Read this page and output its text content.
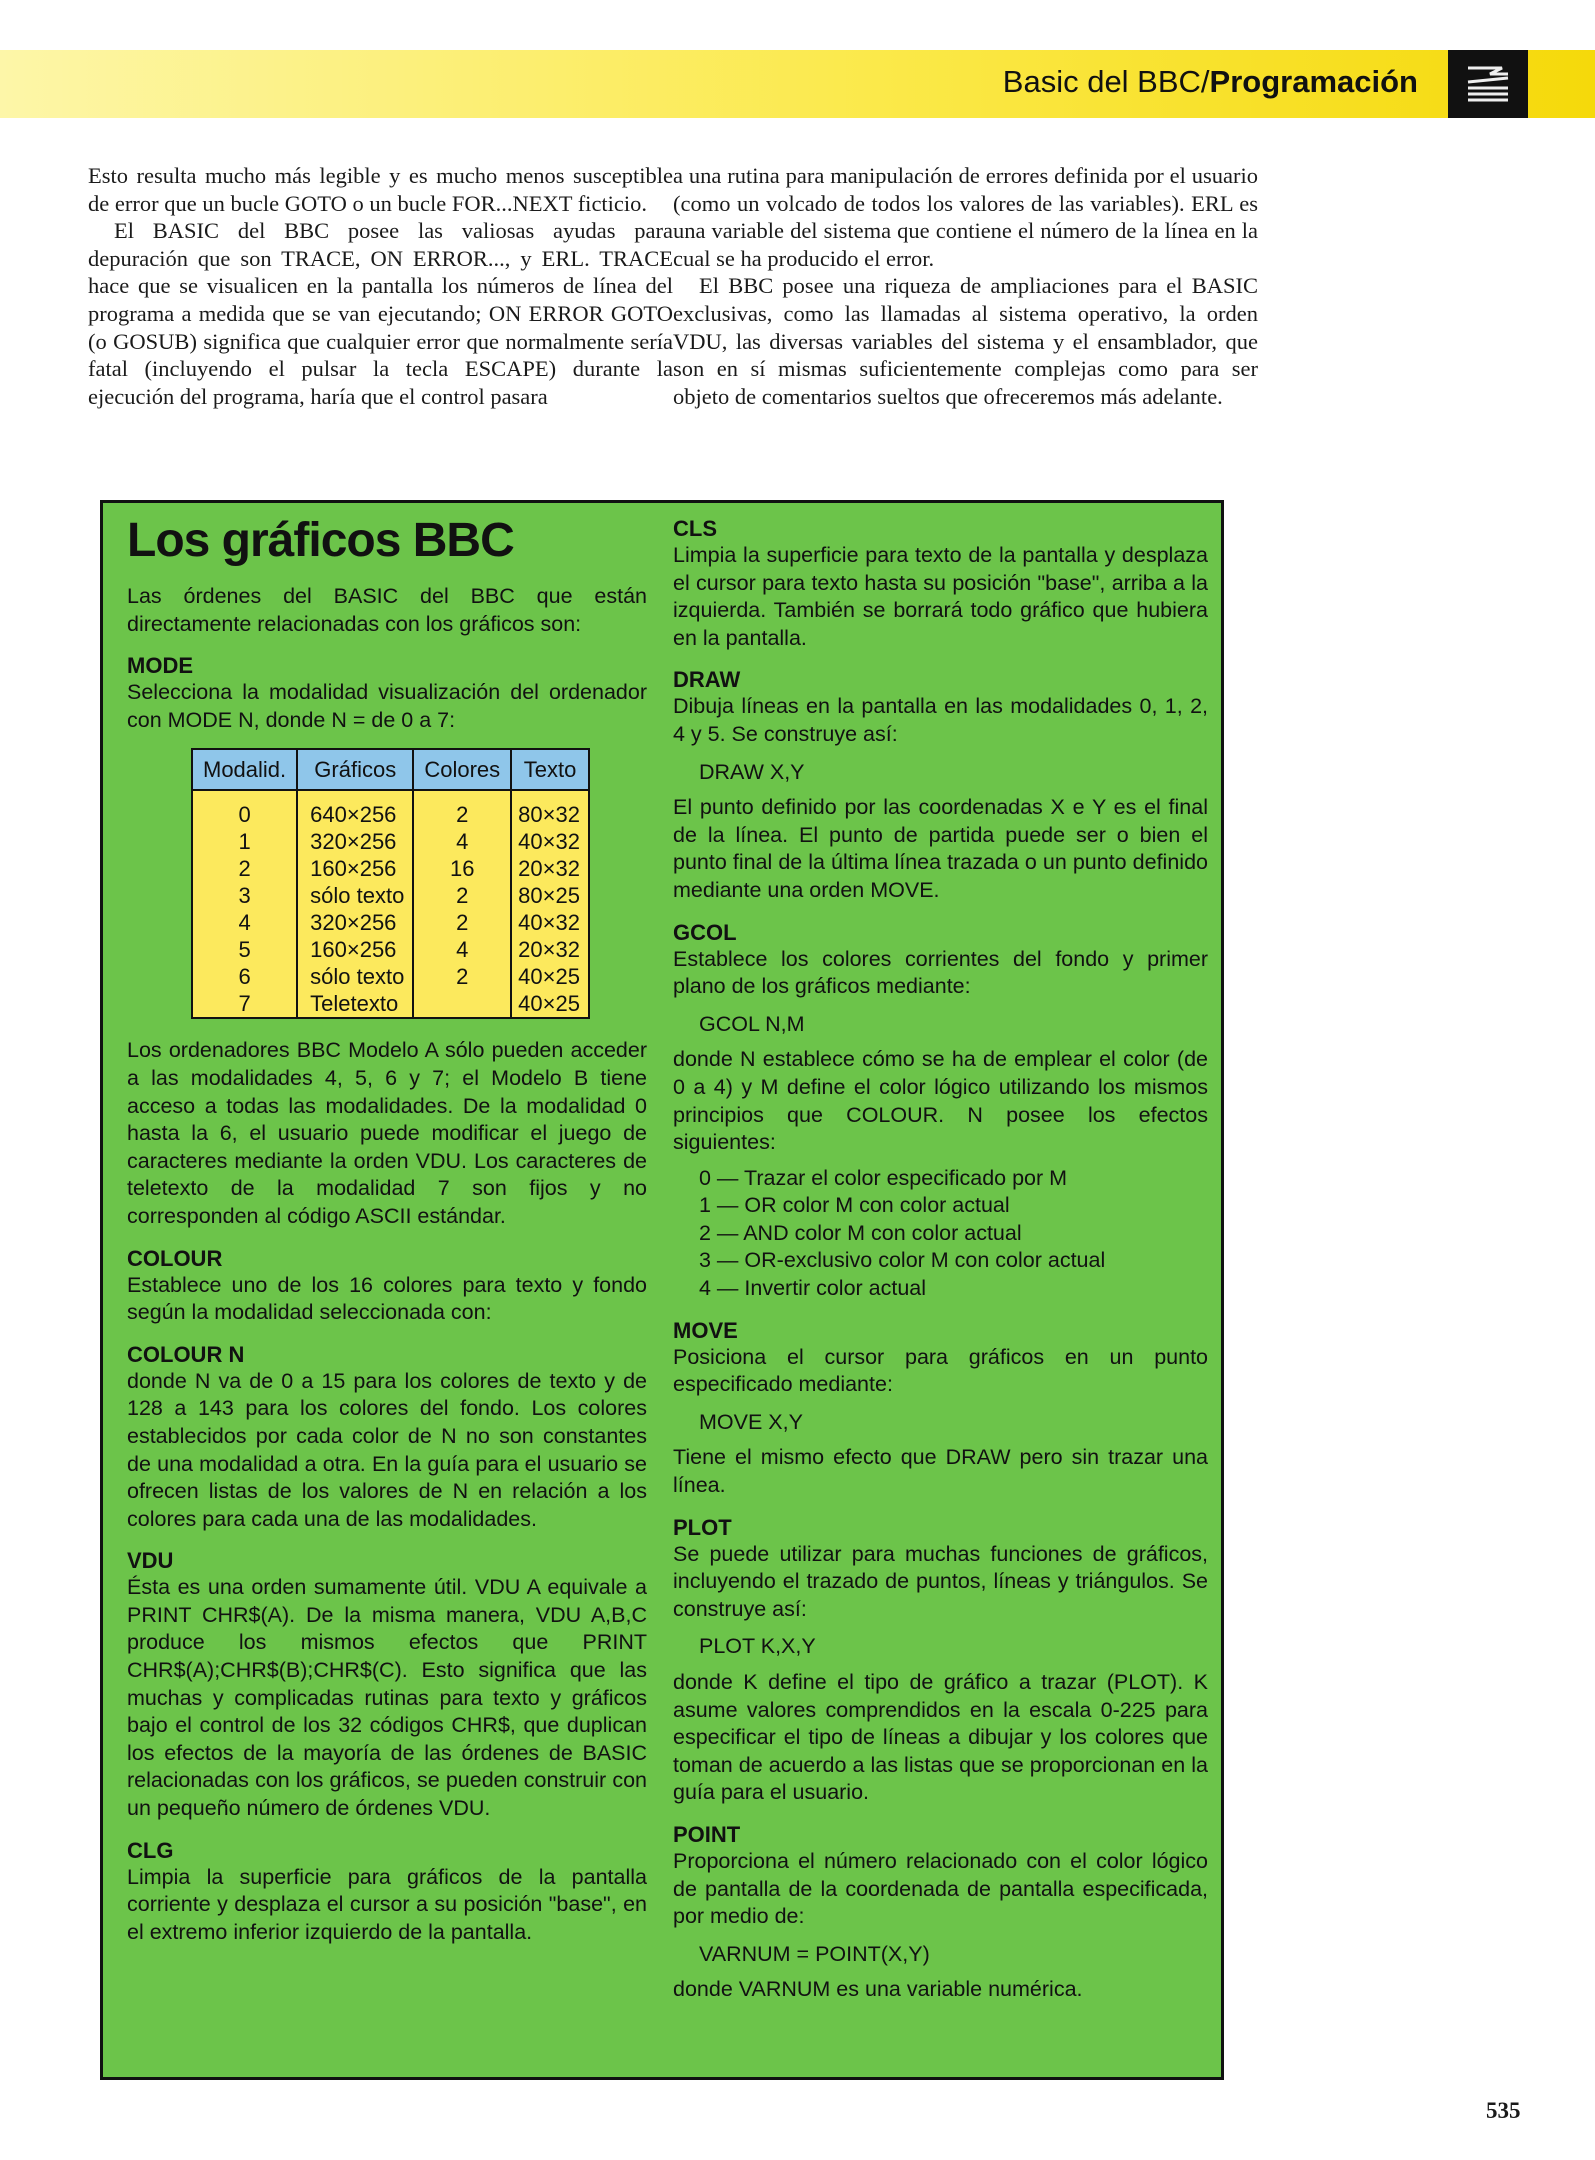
Basic del BBC/Programación

Esto resulta mucho más legible y es mucho menos susceptible de error que un bucle GOTO o un bucle FOR...NEXT ficticio.

El BASIC del BBC posee las valiosas ayudas para depuración que son TRACE, ON ERROR..., y ERL. TRACE hace que se visualicen en la pantalla los números de línea del programa a medida que se van ejecutando; ON ERROR GOTO (o GOSUB) significa que cualquier error que normalmente sería fatal (incluyendo el pulsar la tecla ESCAPE) durante la ejecución del programa, haría que el control pasara

a una rutina para manipulación de errores definida por el usuario (como un volcado de todos los valores de las variables). ERL es una variable del sistema que contiene el número de la línea en la cual se ha producido el error.

El BBC posee una riqueza de ampliaciones para el BASIC exclusivas, como las llamadas al sistema operativo, la orden VDU, las diversas variables del sistema y el ensamblador, que son en sí mismas suficientemente complejas como para ser objeto de comentarios sueltos que ofreceremos más adelante.

Los gráficos BBC

Las órdenes del BASIC del BBC que están directamente relacionadas con los gráficos son:

MODE

Selecciona la modalidad visualización del ordenador con MODE N, donde N = de 0 a 7:

Modalid.	Gráficos	Colores	Texto
0	640×256	2	80×32
1	320×256	4	40×32
2	160×256	16	20×32
3	sólo texto	2	80×25
4	320×256	2	40×32
5	160×256	4	20×32
6	sólo texto	2	40×25
7	Teletexto		40×25

Los ordenadores BBC Modelo A sólo pueden acceder a las modalidades 4, 5, 6 y 7; el Modelo B tiene acceso a todas las modalidades. De la modalidad 0 hasta la 6, el usuario puede modificar el juego de caracteres mediante la orden VDU. Los caracteres de teletexto de la modalidad 7 son fijos y no corresponden al código ASCII estándar.

COLOUR

Establece uno de los 16 colores para texto y fondo según la modalidad seleccionada con:

COLOUR N

donde N va de 0 a 15 para los colores de texto y de 128 a 143 para los colores del fondo. Los colores establecidos por cada color de N no son constantes de una modalidad a otra. En la guía para el usuario se ofrecen listas de los valores de N en relación a los colores para cada una de las modalidades.

VDU

Ésta es una orden sumamente útil. VDU A equivale a PRINT CHR$(A). De la misma manera, VDU A,B,C produce los mismos efectos que PRINT CHR$(A);CHR$(B);CHR$(C). Esto significa que las muchas y complicadas rutinas para texto y gráficos bajo el control de los 32 códigos CHR$, que duplican los efectos de la mayoría de las órdenes de BASIC relacionadas con los gráficos, se pueden construir con un pequeño número de órdenes VDU.

CLG

Limpia la superficie para gráficos de la pantalla corriente y desplaza el cursor a su posición "base", en el extremo inferior izquierdo de la pantalla.

CLS

Limpia la superficie para texto de la pantalla y desplaza el cursor para texto hasta su posición "base", arriba a la izquierda. También se borrará todo gráfico que hubiera en la pantalla.

DRAW

Dibuja líneas en la pantalla en las modalidades 0, 1, 2, 4 y 5. Se construye así:

DRAW X,Y

El punto definido por las coordenadas X e Y es el final de la línea. El punto de partida puede ser o bien el punto final de la última línea trazada o un punto definido mediante una orden MOVE.

GCOL

Establece los colores corrientes del fondo y primer plano de los gráficos mediante:

GCOL N,M

donde N establece cómo se ha de emplear el color (de 0 a 4) y M define el color lógico utilizando los mismos principios que COLOUR. N posee los efectos siguientes:

0 — Trazar el color especificado por M
1 — OR color M con color actual
2 — AND color M con color actual
3 — OR-exclusivo color M con color actual
4 — Invertir color actual
MOVE

Posiciona el cursor para gráficos en un punto especificado mediante:

MOVE X,Y

Tiene el mismo efecto que DRAW pero sin trazar una línea.

PLOT

Se puede utilizar para muchas funciones de gráficos, incluyendo el trazado de puntos, líneas y triángulos. Se construye así:

PLOT K,X,Y

donde K define el tipo de gráfico a trazar (PLOT). K asume valores comprendidos en la escala 0-225 para especificar el tipo de líneas a dibujar y los colores que toman de acuerdo a las listas que se proporcionan en la guía para el usuario.

POINT

Proporciona el número relacionado con el color lógico de pantalla de la coordenada de pantalla especificada, por medio de:

VARNUM = POINT(X,Y)

donde VARNUM es una variable numérica.

535
